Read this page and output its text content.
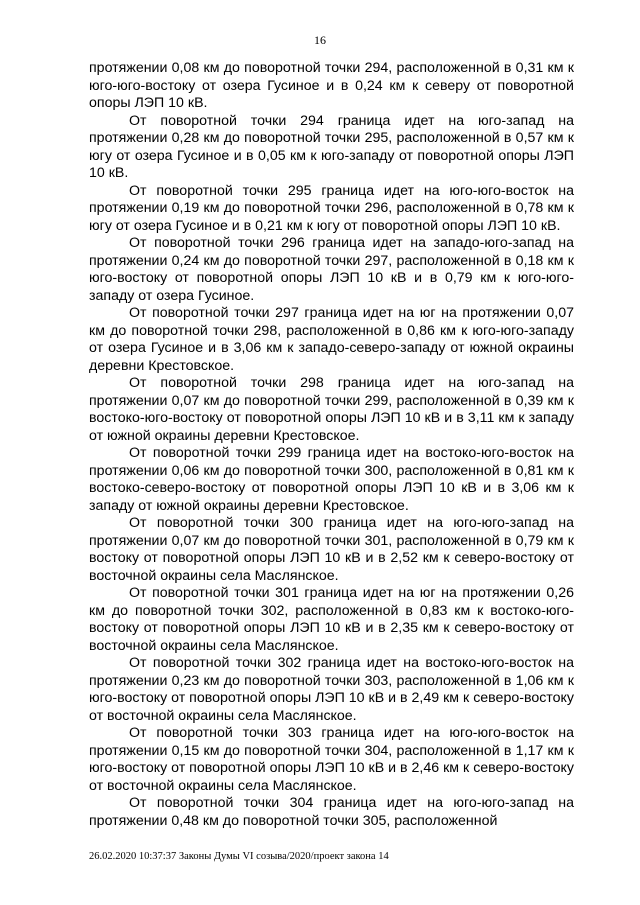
16

протяжении 0,08 км до поворотной точки 294, расположенной в 0,31 км к юго-юго-востоку от озера Гусиное и в 0,24 км к северу от поворотной опоры ЛЭП 10 кВ.

От поворотной точки 294 граница идет на юго-запад на протяжении 0,28 км до поворотной точки 295, расположенной в 0,57 км к югу от озера Гусиное и в 0,05 км к юго-западу от поворотной опоры ЛЭП 10 кВ.

От поворотной точки 295 граница идет на юго-юго-восток на протяжении 0,19 км до поворотной точки 296, расположенной в 0,78 км к югу от озера Гусиное и в 0,21 км к югу от поворотной опоры ЛЭП 10 кВ.

От поворотной точки 296 граница идет на западо-юго-запад на протяжении 0,24 км до поворотной точки 297, расположенной в 0,18 км к юго-востоку от поворотной опоры ЛЭП 10 кВ и в 0,79 км к юго-юго-западу от озера Гусиное.

От поворотной точки 297 граница идет на юг на протяжении 0,07 км до поворотной точки 298, расположенной в 0,86 км к юго-юго-западу от озера Гусиное и в 3,06 км к западо-северо-западу от южной окраины деревни Крестовское.

От поворотной точки 298 граница идет на юго-запад на протяжении 0,07 км до поворотной точки 299, расположенной в 0,39 км к востоко-юго-востоку от поворотной опоры ЛЭП 10 кВ и в 3,11 км к западу от южной окраины деревни Крестовское.

От поворотной точки 299 граница идет на востоко-юго-восток на протяжении 0,06 км до поворотной точки 300, расположенной в 0,81 км к востоко-северо-востоку от поворотной опоры ЛЭП 10 кВ и в 3,06 км к западу от южной окраины деревни Крестовское.

От поворотной точки 300 граница идет на юго-юго-запад на протяжении 0,07 км до поворотной точки 301, расположенной в 0,79 км к востоку от поворотной опоры ЛЭП 10 кВ и в 2,52 км к северо-востоку от восточной окраины села Маслянское.

От поворотной точки 301 граница идет на юг на протяжении 0,26 км до поворотной точки 302, расположенной в 0,83 км к востоко-юго-востоку от поворотной опоры ЛЭП 10 кВ и в 2,35 км к северо-востоку от восточной окраины села Маслянское.

От поворотной точки 302 граница идет на востоко-юго-восток на протяжении 0,23 км до поворотной точки 303, расположенной в 1,06 км к юго-востоку от поворотной опоры ЛЭП 10 кВ и в 2,49 км к северо-востоку от восточной окраины села Маслянское.

От поворотной точки 303 граница идет на юго-юго-восток на протяжении 0,15 км до поворотной точки 304, расположенной в 1,17 км к юго-востоку от поворотной опоры ЛЭП 10 кВ и в 2,46 км к северо-востоку от восточной окраины села Маслянское.

От поворотной точки 304 граница идет на юго-юго-запад на протяжении 0,48 км до поворотной точки 305, расположенной

26.02.2020 10:37:37 Законы Думы VI созыва/2020/проект закона 14
